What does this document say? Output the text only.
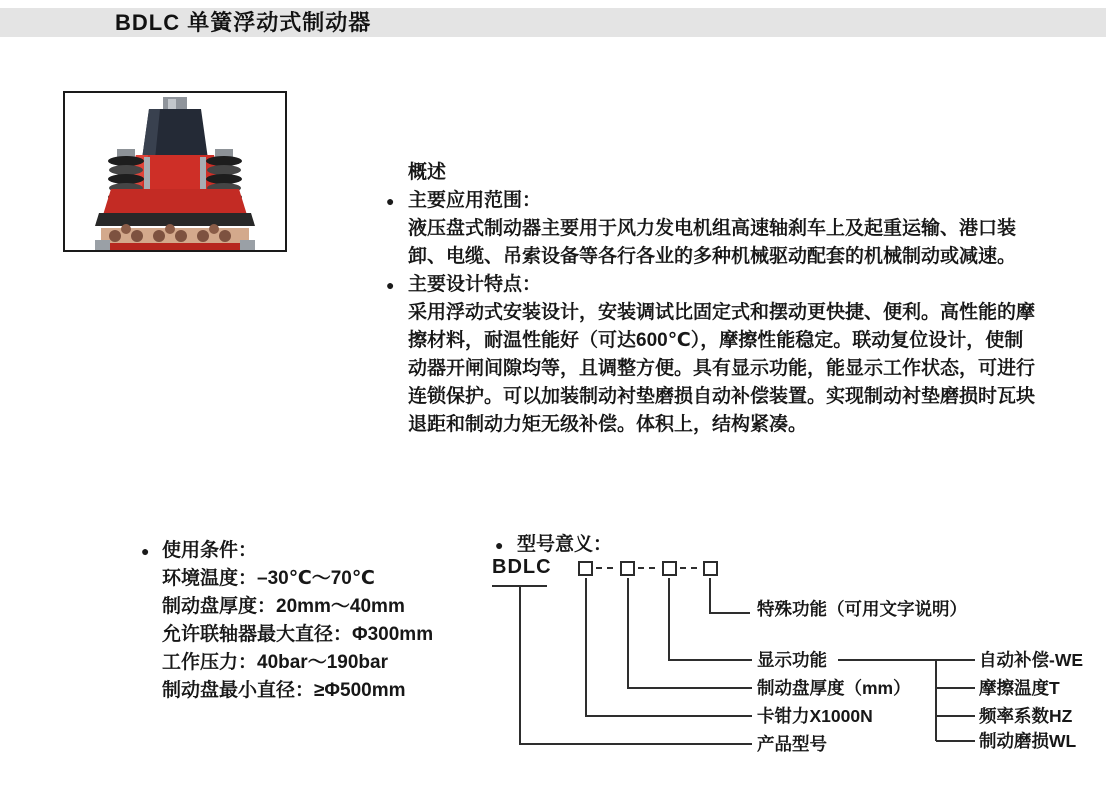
BDLC 单簧浮动式制动器
概述
● 主要应用范围：
液压盘式制动器主要用于风力发电机组高速轴刹车上及起重运输、港口装
卸、电缆、吊索设备等各行各业的多种机械驱动配套的机械制动或减速。
● 主要设计特点：
采用浮动式安装设计，安装调试比固定式和摆动更快捷、便利。高性能的摩
擦材料，耐温性能好（可达600℃），摩擦性能稳定。联动复位设计，使制
动器开闸间隙均等，且调整方便。具有显示功能，能显示工作状态，可进行
连锁保护。可以加装制动衬垫磨损自动补偿装置。实现制动衬垫磨损时瓦块
退距和制动力矩无级补偿。体积上，结构紧凑。
● 使用条件：
环境温度：–30℃～70℃
制动盘厚度：20mm～40mm
允许联轴器最大直径：Φ300mm
工作压力：40bar～190bar
制动盘最小直径：≥Φ500mm
● 型号意义：
BDLC
特殊功能（可用文字说明）
显示功能
制动盘厚度（mm）
卡钳力X1000N
产品型号
自动补偿-WE
摩擦温度T
频率系数HZ
制动磨损WL
